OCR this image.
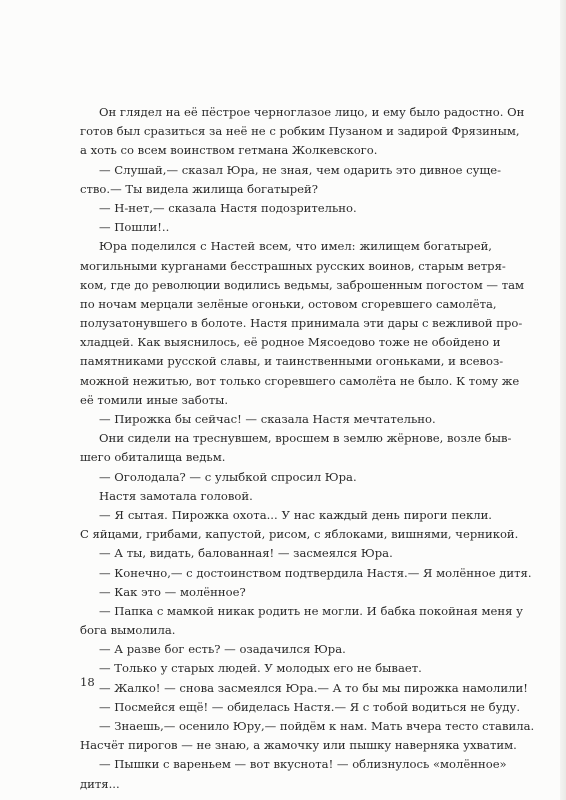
Он глядел на её пёстрое черноглазое лицо, и ему было радостно. Он
готов был сразиться за неё не с робким Пузаном и задирой Фрязиным,
а хоть со всем воинством гетмана Жолкевского.
— Слушай,— сказал Юра, не зная, чем одарить это дивное суще-
ство.— Ты видела жилища богатырей?
— Н-нет,— сказала Настя подозрительно.
— Пошли!..
Юра поделился с Настей всем, что имел: жилищем богатырей,
могильными курганами бесстрашных русских воинов, старым ветря-
ком, где до революции водились ведьмы, заброшенным погостом — там
по ночам мерцали зелёные огоньки, остовом сгоревшего самолёта,
полузатонувшего в болоте. Настя принимала эти дары с вежливой про-
хладцей. Как выяснилось, её родное Мясоедово тоже не обойдено и
памятниками русской славы, и таинственными огоньками, и всевоз-
можной нежитью, вот только сгоревшего самолёта не было. К тому же
её томили иные заботы.
— Пирожка бы сейчас! — сказала Настя мечтательно.
Они сидели на треснувшем, вросшем в землю жёрнове, возле быв-
шего обиталища ведьм.
— Оголодала? — с улыбкой спросил Юра.
Настя замотала головой.
— Я сытая. Пирожка охота... У нас каждый день пироги пекли.
С яйцами, грибами, капустой, рисом, с яблоками, вишнями, черникой.
— А ты, видать, балованная! — засмеялся Юра.
— Конечно,— с достоинством подтвердила Настя.— Я молённое дитя.
— Как это — молённое?
— Папка с мамкой никак родить не могли. И бабка покойная меня у
бога вымолила.
— А разве бог есть? — озадачился Юра.
— Только у старых людей. У молодых его не бывает.
— Жалко! — снова засмеялся Юра.— А то бы мы пирожка намолили!
— Посмейся ещё! — обиделась Настя.— Я с тобой водиться не буду.
— Знаешь,— осенило Юру,— пойдём к нам. Мать вчера тесто ставила.
Насчёт пирогов — не знаю, а жамочку или пышку наверняка ухватим.
— Пышки с вареньем — вот вкуснота! — облизнулось «молённое»
дитя...
18
